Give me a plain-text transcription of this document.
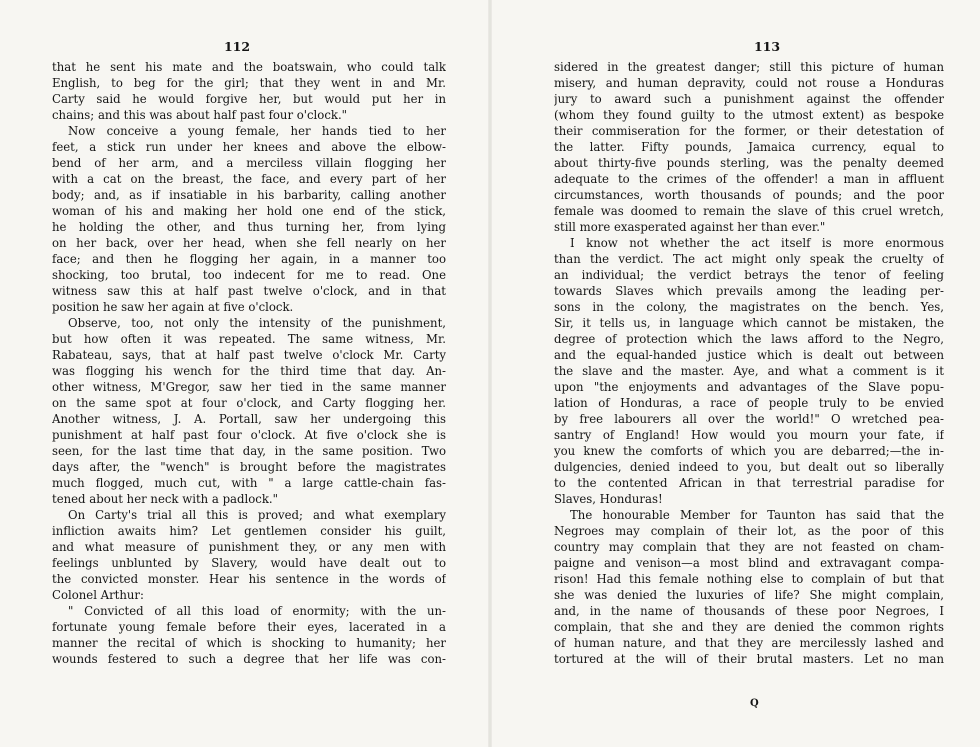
112
that he sent his mate and the boatswain, who could talk
English, to beg for the girl; that they went in and Mr.
Carty said he would forgive her, but would put her in
chains; and this was about half past four o'clock."
Now conceive a young female, her hands tied to her
feet, a stick run under her knees and above the elbow-
bend of her arm, and a merciless villain flogging her
with a cat on the breast, the face, and every part of her
body; and, as if insatiable in his barbarity, calling another
woman of his and making her hold one end of the stick,
he holding the other, and thus turning her, from lying
on her back, over her head, when she fell nearly on her
face; and then he flogging her again, in a manner too
shocking, too brutal, too indecent for me to read. One
witness saw this at half past twelve o'clock, and in that
position he saw her again at five o'clock.
Observe, too, not only the intensity of the punishment,
but how often it was repeated. The same witness, Mr.
Rabateau, says, that at half past twelve o'clock Mr. Carty
was flogging his wench for the third time that day. An-
other witness, M'Gregor, saw her tied in the same manner
on the same spot at four o'clock, and Carty flogging her.
Another witness, J. A. Portall, saw her undergoing this
punishment at half past four o'clock. At five o'clock she is
seen, for the last time that day, in the same position. Two
days after, the "wench" is brought before the magistrates
much flogged, much cut, with " a large cattle-chain fas-
tened about her neck with a padlock."
On Carty's trial all this is proved; and what exemplary
infliction awaits him? Let gentlemen consider his guilt,
and what measure of punishment they, or any men with
feelings unblunted by Slavery, would have dealt out to
the convicted monster. Hear his sentence in the words of
Colonel Arthur:
" Convicted of all this load of enormity; with the un-
fortunate young female before their eyes, lacerated in a
manner the recital of which is shocking to humanity; her
wounds festered to such a degree that her life was con-
113
sidered in the greatest danger; still this picture of human
misery, and human depravity, could not rouse a Honduras
jury to award such a punishment against the offender
(whom they found guilty to the utmost extent) as bespoke
their commiseration for the former, or their detestation of
the latter. Fifty pounds, Jamaica currency, equal to
about thirty-five pounds sterling, was the penalty deemed
adequate to the crimes of the offender! a man in affluent
circumstances, worth thousands of pounds; and the poor
female was doomed to remain the slave of this cruel wretch,
still more exasperated against her than ever."
I know not whether the act itself is more enormous
than the verdict. The act might only speak the cruelty of
an individual; the verdict betrays the tenor of feeling
towards Slaves which prevails among the leading per-
sons in the colony, the magistrates on the bench. Yes,
Sir, it tells us, in language which cannot be mistaken, the
degree of protection which the laws afford to the Negro,
and the equal-handed justice which is dealt out between
the slave and the master. Aye, and what a comment is it
upon "the enjoyments and advantages of the Slave popu-
lation of Honduras, a race of people truly to be envied
by free labourers all over the world!" O wretched pea-
santry of England! How would you mourn your fate, if
you knew the comforts of which you are debarred;—the in-
dulgencies, denied indeed to you, but dealt out so liberally
to the contented African in that terrestrial paradise for
Slaves, Honduras!
The honourable Member for Taunton has said that the
Negroes may complain of their lot, as the poor of this
country may complain that they are not feasted on cham-
paigne and venison—a most blind and extravagant compa-
rison! Had this female nothing else to complain of but that
she was denied the luxuries of life? She might complain,
and, in the name of thousands of these poor Negroes, I
complain, that she and they are denied the common rights
of human nature, and that they are mercilessly lashed and
tortured at the will of their brutal masters. Let no man
Q
